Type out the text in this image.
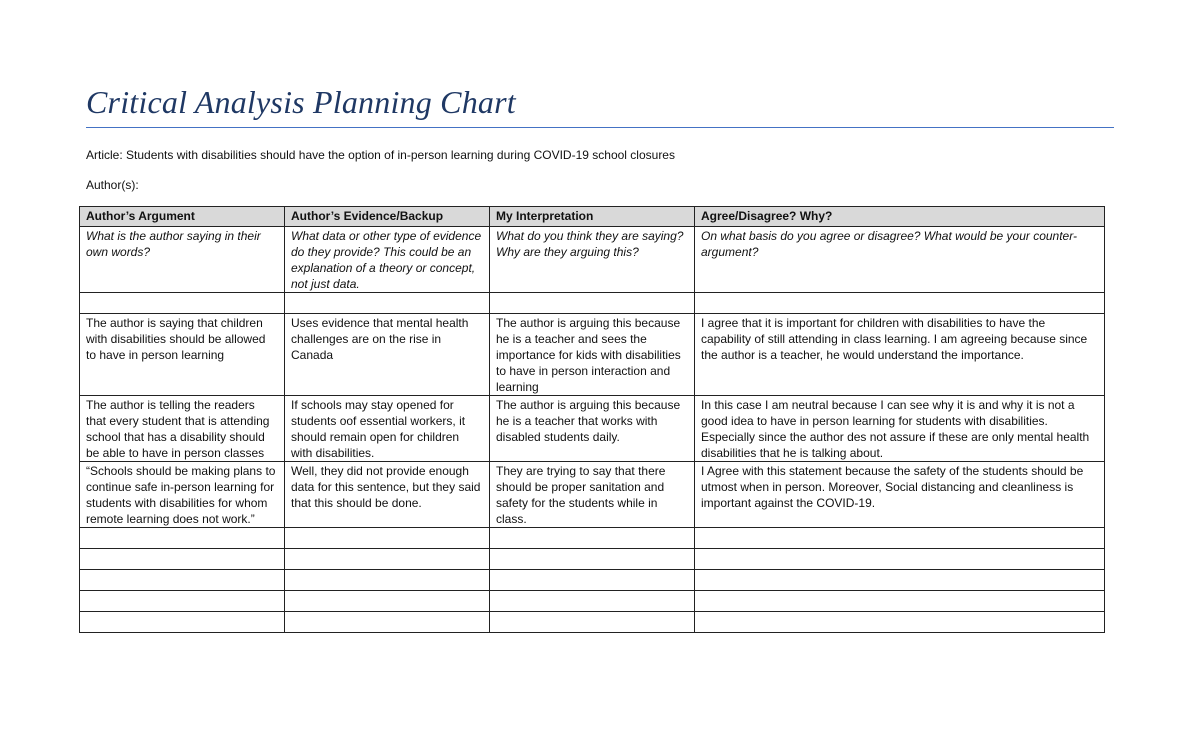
Critical Analysis Planning Chart
Article: Students with disabilities should have the option of in-person learning during COVID-19 school closures
Author(s):
Author’s Argument	Author’s Evidence/Backup	My Interpretation	Agree/Disagree? Why?
What is the author saying in their own words?	What data or other type of evidence do they provide? This could be an explanation of a theory or concept, not just data.	What do you think they are saying? Why are they arguing this?	On what basis do you agree or disagree? What would be your counter-argument?

The author is saying that children with disabilities should be allowed to have in person learning	Uses evidence that mental health challenges are on the rise in Canada	The author is arguing this because he is a teacher and sees the importance for kids with disabilities to have in person interaction and learning	I agree that it is important for children with disabilities to have the capability of still attending in class learning. I am agreeing because since the author is a teacher, he would understand the importance.
The author is telling the readers that every student that is attending school that has a disability should be able to have in person classes	If schools may stay opened for students oof essential workers, it should remain open for children with disabilities.	The author is arguing this because he is a teacher that works with disabled students daily.	In this case I am neutral because I can see why it is and why it is not a good idea to have in person learning for students with disabilities. Especially since the author des not assure if these are only mental health disabilities that he is talking about.
“Schools should be making plans to continue safe in-person learning for students with disabilities for whom remote learning does not work.”	Well, they did not provide enough data for this sentence, but they said that this should be done.	They are trying to say that there should be proper sanitation and safety for the students while in class.	I Agree with this statement because the safety of the students should be utmost when in person. Moreover, Social distancing and cleanliness is important against the COVID-19.
